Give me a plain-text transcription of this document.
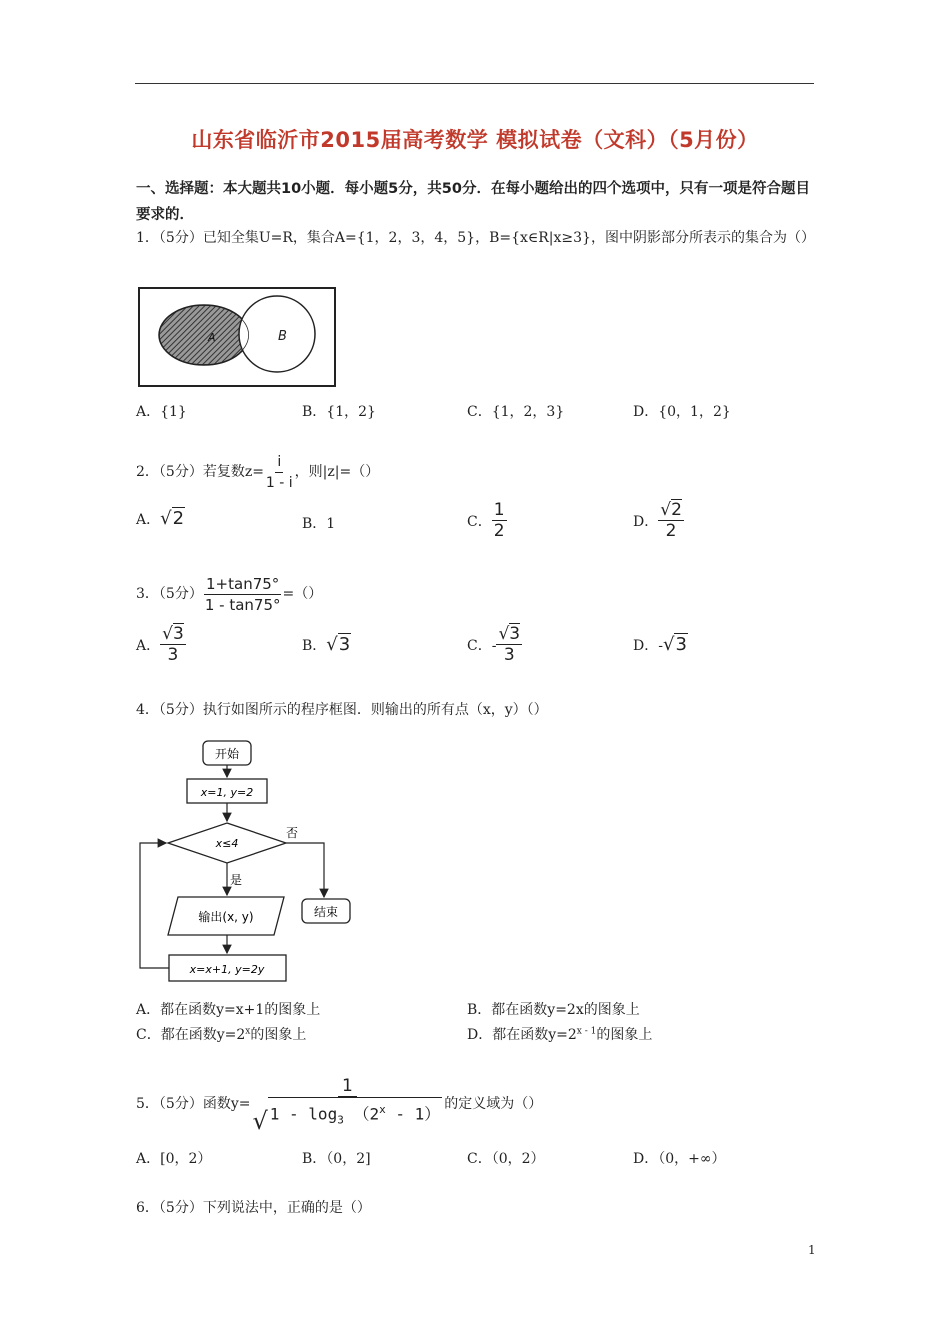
山东省临沂市2015届高考数学 模拟试卷（文科）（5月份）
一、选择题：本大题共10小题．每小题5分，共50分．在每小题给出的四个选项中，只有一项是符合题目要求的．
1．（5分）已知全集U=R，集合A={1，2，3，4，5}，B={x∈R|x≥3}，图中阴影部分所表示的集合为（）
A	B
A．{1}	B．{1，2}	C．{1，2，3}	D．{0，1，2}
2．（5分）若复数$z= \frac{i}{1 - i}$ ，则|z|=（）
A． √2	B．1	C． $\frac{1}{2}$	D． $\frac{√2}{2}$
3．（5分） $\frac{1+\tan 75^\circ}{1 - \tan 75^\circ}$ =（）
A． $\frac{√3}{3}$	B． √3	C．- $\frac{√3}{3}$	D．- √3
4．（5分）执行如图所示的程序框图．则输出的所有点（x，y）（）
开始
x=1, y=2
x≤4
否
结束
是
输出(x, y)
x=x+1, y=2y
A．都在函数y=x+1的图象上	B．都在函数y=2x的图象上
C．都在函数$y=2^x$的图象上	D．都在函数$y=2^{x - 1}$的图象上
5．（5分）函数$y= \frac{1}{√ 1 - \log_3 (2^x - 1)}$ 的定义域为（）
A．[0，2）	B．（0，2]	C．（0，2）	D．（0，+∞）
6．（5分）下列说法中，正确的是（）
1
